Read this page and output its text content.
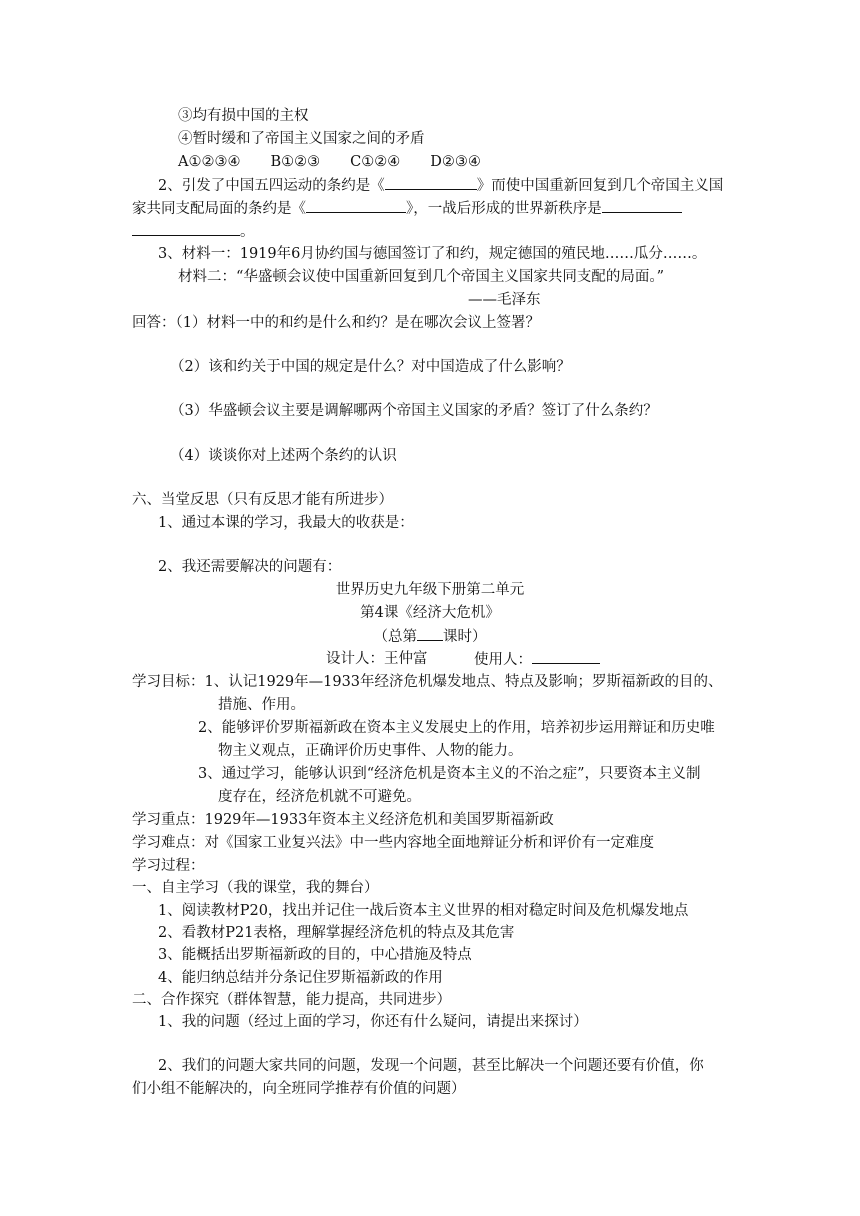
③均有损中国的主权
④暂时缓和了帝国主义国家之间的矛盾
A①②③④ B①②③ C①②④ D②③④
2、引发了中国五四运动的条约是《	》而使中国重新回复到几个帝国主义国
家共同支配局面的条约是《	》，一战后形成的世界新秩序是
。
3、材料一：1919年6月协约国与德国签订了和约，规定德国的殖民地……瓜分……。
材料二：“华盛顿会议使中国重新回复到几个帝国主义国家共同支配的局面。”
——毛泽东
回答：（1）材料一中的和约是什么和约？是在哪次会议上签署？
（2）该和约关于中国的规定是什么？对中国造成了什么影响？
（3）华盛顿会议主要是调解哪两个帝国主义国家的矛盾？签订了什么条约？
（4）谈谈你对上述两个条约的认识
六、当堂反思（只有反思才能有所进步）
1、通过本课的学习，我最大的收获是：
2、我还需要解决的问题有：
世界历史九年级下册第二单元
第4课《经济大危机》
（总第 课时）
设计人：王仲富	使用人：
学习目标：1、认记1929年—1933年经济危机爆发地点、特点及影响；罗斯福新政的目的、
措施、作用。
2、能够评价罗斯福新政在资本主义发展史上的作用，培养初步运用辩证和历史唯
物主义观点，正确评价历史事件、人物的能力。
3、通过学习，能够认识到“经济危机是资本主义的不治之症”，只要资本主义制
度存在，经济危机就不可避免。
学习重点：1929年—1933年资本主义经济危机和美国罗斯福新政
学习难点：对《国家工业复兴法》中一些内容地全面地辩证分析和评价有一定难度
学习过程：
一、自主学习（我的课堂，我的舞台）
1、阅读教材P20，找出并记住一战后资本主义世界的相对稳定时间及危机爆发地点
2、看教材P21表格，理解掌握经济危机的特点及其危害
3、能概括出罗斯福新政的目的，中心措施及特点
4、能归纳总结并分条记住罗斯福新政的作用
二、合作探究（群体智慧，能力提高，共同进步）
1、我的问题（经过上面的学习，你还有什么疑问，请提出来探讨）
2、我们的问题大家共同的问题，发现一个问题，甚至比解决一个问题还要有价值，你
们小组不能解决的，向全班同学推荐有价值的问题）
